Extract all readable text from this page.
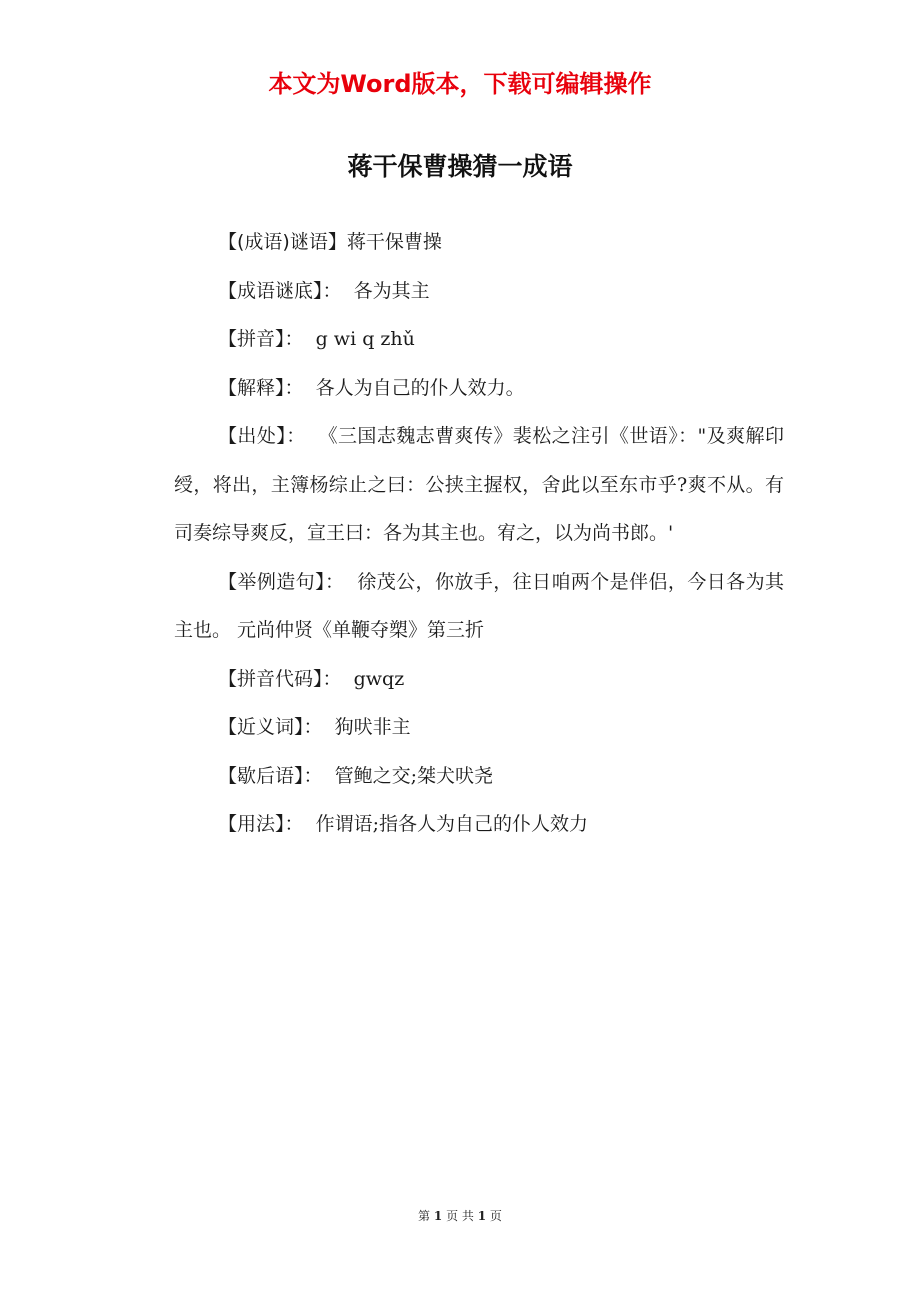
本文为Word版本，下载可编辑操作
蒋干保曹操猜一成语

【(成语)谜语】蒋干保曹操

【成语谜底】：  各为其主

【拼音】：  g wi q zhǔ

【解释】：  各人为自己的仆人效力。

【出处】：  《三国志魏志曹爽传》裴松之注引《世语》："及爽解印绶，将出，主簿杨综止之曰：公挟主握权，舍此以至东市乎?爽不从。有司奏综导爽反，宣王曰：各为其主也。宥之，以为尚书郎。'

【举例造句】：  徐茂公，你放手，往日咱两个是伴侣，今日各为其主也。 元尚仲贤《单鞭夺槊》第三折

【拼音代码】：  gwqz

【近义词】：  狗吠非主

【歇后语】：  管鲍之交;桀犬吠尧

【用法】：  作谓语;指各人为自己的仆人效力

第 1 页 共 1 页
